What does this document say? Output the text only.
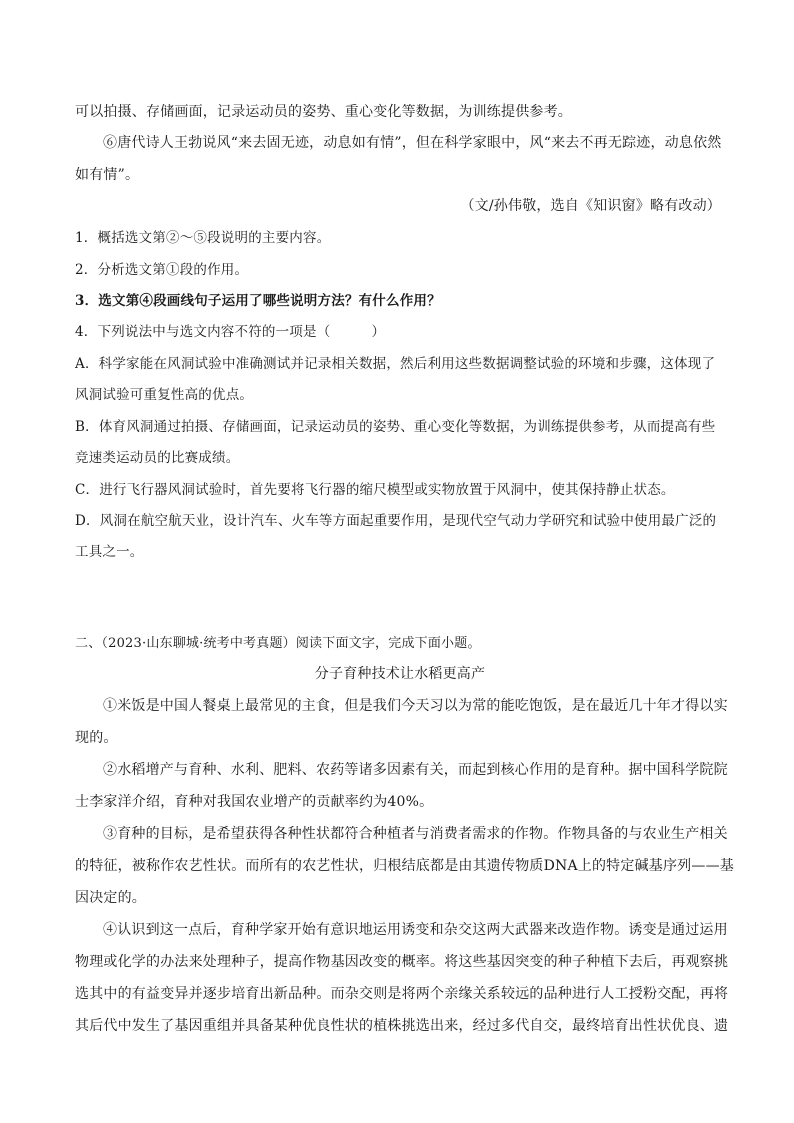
可以拍摄、存储画面，记录运动员的姿势、重心变化等数据，为训练提供参考。
⑥唐代诗人王勃说风“来去固无迹，动息如有情”，但在科学家眼中，风“来去不再无踪迹，动息依然
如有情”。
（文/孙伟敬，选自《知识窗》略有改动）
1．概括选文第②～⑤段说明的主要内容。
2．分析选文第①段的作用。
3．选文第④段画线句子运用了哪些说明方法？有什么作用？
4．下列说法中与选文内容不符的一项是（　　　）
A．科学家能在风洞试验中准确测试并记录相关数据，然后利用这些数据调整试验的环境和步骤，这体现了
风洞试验可重复性高的优点。
B．体育风洞通过拍摄、存储画面，记录运动员的姿势、重心变化等数据，为训练提供参考，从而提高有些
竞速类运动员的比赛成绩。
C．进行飞行器风洞试验时，首先要将飞行器的缩尺模型或实物放置于风洞中，使其保持静止状态。
D．风洞在航空航天业，设计汽车、火车等方面起重要作用，是现代空气动力学研究和试验中使用最广泛的
工具之一。
二、（2023·山东聊城·统考中考真题）阅读下面文字，完成下面小题。
分子育种技术让水稻更高产
①米饭是中国人餐桌上最常见的主食，但是我们今天习以为常的能吃饱饭，是在最近几十年才得以实
现的。
②水稻增产与育种、水利、肥料、农药等诸多因素有关，而起到核心作用的是育种。据中国科学院院
士李家洋介绍，育种对我国农业增产的贡献率约为40%。
③育种的目标，是希望获得各种性状都符合种植者与消费者需求的作物。作物具备的与农业生产相关
的特征，被称作农艺性状。而所有的农艺性状，归根结底都是由其遗传物质DNA上的特定碱基序列——基
因决定的。
④认识到这一点后，育种学家开始有意识地运用诱变和杂交这两大武器来改造作物。诱变是通过运用
物理或化学的办法来处理种子，提高作物基因改变的概率。将这些基因突变的种子种植下去后，再观察挑
选其中的有益变异并逐步培育出新品种。而杂交则是将两个亲缘关系较远的品种进行人工授粉交配，再将
其后代中发生了基因重组并具备某种优良性状的植株挑选出来，经过多代自交，最终培育出性状优良、遗
